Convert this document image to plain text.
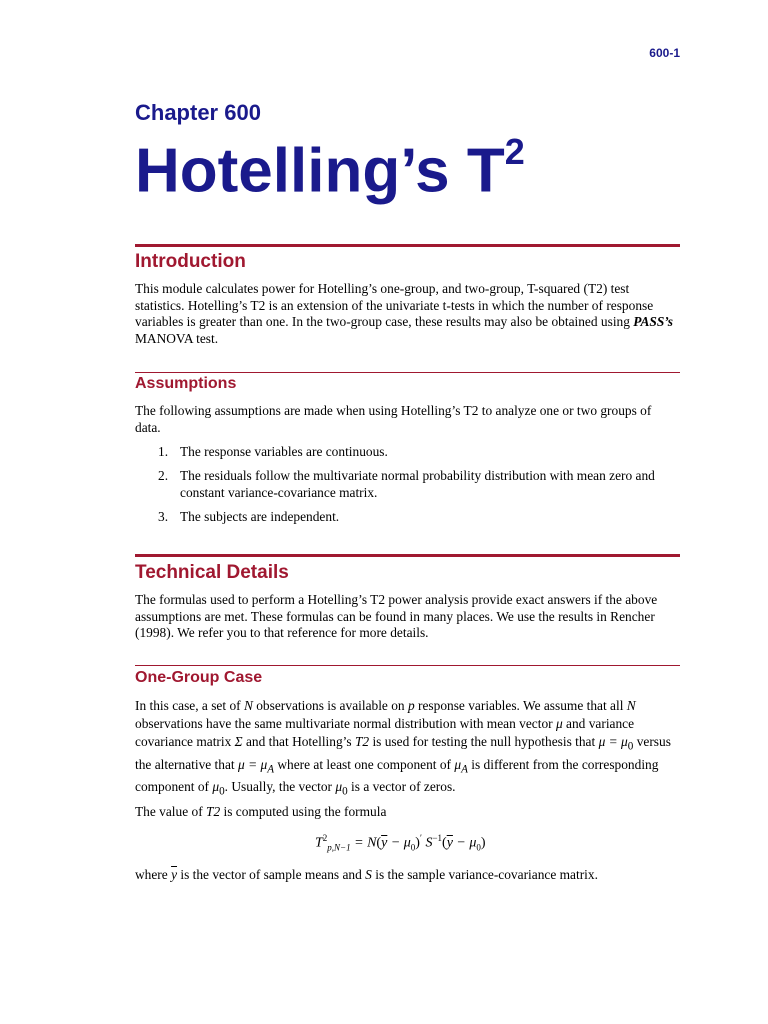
600-1
Chapter 600
Hotelling’s $T^2$
Introduction
This module calculates power for Hotelling’s one-group, and two-group, T-squared (T2) test statistics. Hotelling’s T2 is an extension of the univariate t-tests in which the number of response variables is greater than one. In the two-group case, these results may also be obtained using PASS’s MANOVA test.
Assumptions
The following assumptions are made when using Hotelling’s T2 to analyze one or two groups of data.
1. The response variables are continuous.
2. The residuals follow the multivariate normal probability distribution with mean zero and constant variance-covariance matrix.
3. The subjects are independent.
Technical Details
The formulas used to perform a Hotelling’s T2 power analysis provide exact answers if the above assumptions are met. These formulas can be found in many places. We use the results in Rencher (1998). We refer you to that reference for more details.
One-Group Case
In this case, a set of N observations is available on p response variables. We assume that all N observations have the same multivariate normal distribution with mean vector μ and variance covariance matrix Σ and that Hotelling’s T2 is used for testing the null hypothesis that $\mu = \mu_0$ versus the alternative that $\mu = \mu_A$ where at least one component of $\mu_A$ is different from the corresponding component of $\mu_0$. Usually, the vector $\mu_0$ is a vector of zeros.
The value of T2 is computed using the formula
$T^2_{p,N-1} = N(\overline{y} - \mu_0)'$ $S^{-1}(\overline{y} - \mu_0)$
where $\overline{y}$ is the vector of sample means and S is the sample variance-covariance matrix.
